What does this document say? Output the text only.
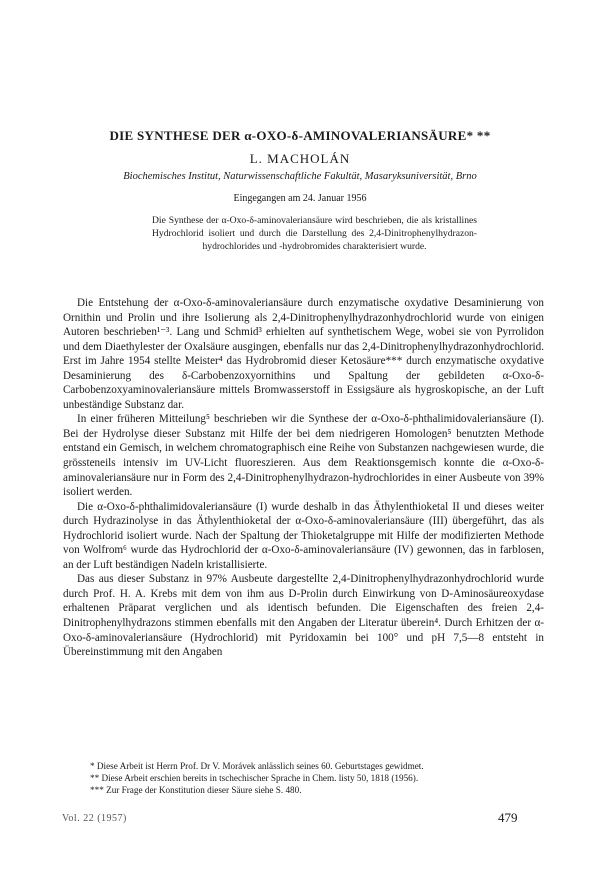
DIE SYNTHESE DER α-OXO-δ-AMINOVALERIANSÄURE* **
L. MACHOLÁN
Biochemisches Institut, Naturwissenschaftliche Fakultät, Masaryksuniversität, Brno
Eingegangen am 24. Januar 1956
Die Synthese der α-Oxo-δ-aminovaleriansäure wird beschrieben, die als kristallines Hydrochlorid isoliert und durch die Darstellung des 2,4-Dinitrophenylhydrazon-hydrochlorides und -hydrobromides charakterisiert wurde.

Die Entstehung der α-Oxo-δ-aminovaleriansäure durch enzymatische oxydative Desaminierung von Ornithin und Prolin und ihre Isolierung als 2,4-Dinitrophenylhydrazonhydrochlorid wurde von einigen Autoren beschrieben¹⁻³. Lang und Schmid³ erhielten auf synthetischem Wege, wobei sie von Pyrrolidon und dem Diaethylester der Oxalsäure ausgingen, ebenfalls nur das 2,4-Dinitrophenylhydrazonhydrochlorid. Erst im Jahre 1954 stellte Meister⁴ das Hydrobromid dieser Ketosäure*** durch enzymatische oxydative Desaminierung des δ-Carbobenzoxyornithins und Spaltung der gebildeten α-Oxo-δ-Carbobenzoxyaminovaleriansäure mittels Bromwasserstoff in Essigsäure als hygroskopische, an der Luft unbeständige Substanz dar.

In einer früheren Mitteilung⁵ beschrieben wir die Synthese der α-Oxo-δ-phthalimidovaleriansäure (I). Bei der Hydrolyse dieser Substanz mit Hilfe der bei dem niedrigeren Homologen⁵ benutzten Methode entstand ein Gemisch, in welchem chromatographisch eine Reihe von Substanzen nachgewiesen wurde, die grössteneils intensiv im UV-Licht fluoreszieren. Aus dem Reaktionsgemisch konnte die α-Oxo-δ-aminovaleriansäure nur in Form des 2,4-Dinitrophenylhydrazon-hydrochlorides in einer Ausbeute von 39% isoliert werden.

Die α-Oxo-δ-phthalimidovaleriansäure (I) wurde deshalb in das Äthylenthioketal II und dieses weiter durch Hydrazinolyse in das Äthylenthioketal der α-Oxo-δ-aminovaleriansäure (III) übergeführt, das als Hydrochlorid isoliert wurde. Nach der Spaltung der Thioketalgruppe mit Hilfe der modifizierten Methode von Wolfrom⁶ wurde das Hydrochlorid der α-Oxo-δ-aminovaleriansäure (IV) gewonnen, das in farblosen, an der Luft beständigen Nadeln kristallisierte.

Das aus dieser Substanz in 97% Ausbeute dargestellte 2,4-Dinitrophenylhydrazonhydrochlorid wurde durch Prof. H. A. Krebs mit dem von ihm aus D-Prolin durch Einwirkung von D-Aminosäureoxydase erhaltenen Präparat verglichen und als identisch befunden. Die Eigenschaften des freien 2,4-Dinitrophenylhydrazons stimmen ebenfalls mit den Angaben der Literatur überein⁴. Durch Erhitzen der α-Oxo-δ-aminovaleriansäure (Hydrochlorid) mit Pyridoxamin bei 100° und pH 7,5—8 entsteht in Übereinstimmung mit den Angaben

* Diese Arbeit ist Herrn Prof. Dr V. Morávek anlässlich seines 60. Geburtstages gewidmet.
** Diese Arbeit erschien bereits in tschechischer Sprache in Chem. listy 50, 1818 (1956).
*** Zur Frage der Konstitution dieser Säure siehe S. 480.
Vol. 22 (1957)	479
